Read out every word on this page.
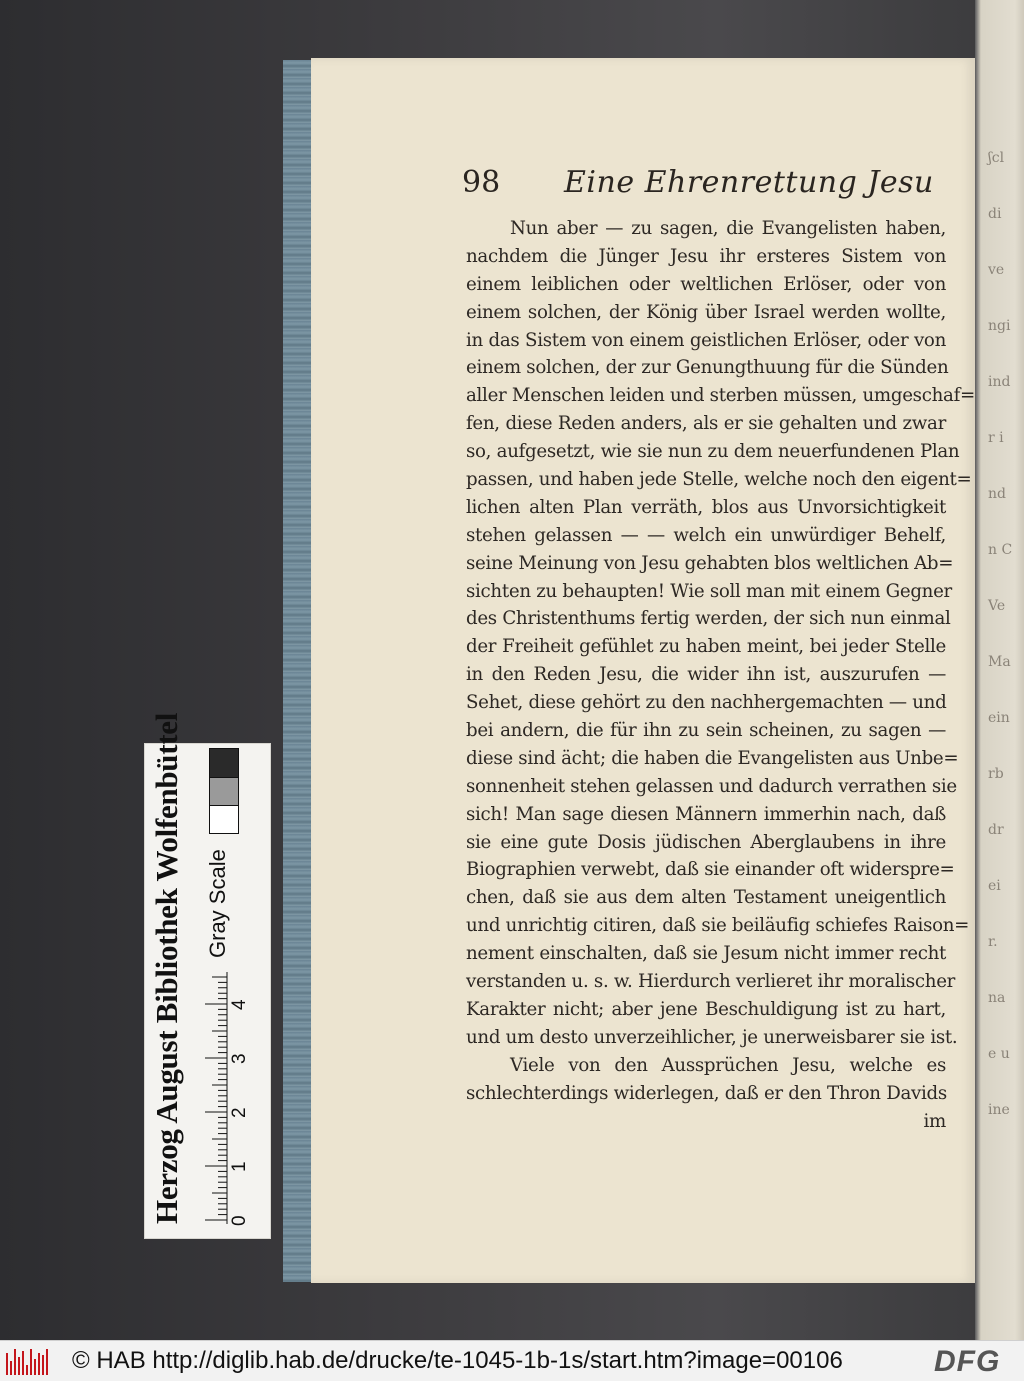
ʃcl
di
ve
ngi
ind
r i
nd
n C
Ve
Ma
ein
rb
dr
ei
r.
na
e u
ine
98 Eine Ehrenrettung Jesu
Nun aber — zu sagen, die Evangelisten haben,
nachdem die Jünger Jesu ihr ersteres Sistem von
einem leiblichen oder weltlichen Erlöser, oder von
einem solchen, der König über Israel werden wollte,
in das Sistem von einem geistlichen Erlöser, oder von
einem solchen, der zur Genungthuung für die Sünden
aller Menschen leiden und sterben müssen, umgeschaf=
fen, diese Reden anders, als er sie gehalten und zwar
so, aufgesetzt, wie sie nun zu dem neuerfundenen Plan
passen, und haben jede Stelle, welche noch den eigent=
lichen alten Plan verräth, blos aus Unvorsichtigkeit
stehen gelassen — — welch ein unwürdiger Behelf,
seine Meinung von Jesu gehabten blos weltlichen Ab=
sichten zu behaupten! Wie soll man mit einem Gegner
des Christenthums fertig werden, der sich nun einmal
der Freiheit gefühlet zu haben meint, bei jeder Stelle
in den Reden Jesu, die wider ihn ist, auszurufen —
Sehet, diese gehört zu den nachhergemachten — und
bei andern, die für ihn zu sein scheinen, zu sagen —
diese sind ächt; die haben die Evangelisten aus Unbe=
sonnenheit stehen gelassen und dadurch verrathen sie
sich! Man sage diesen Männern immerhin nach, daß
sie eine gute Dosis jüdischen Aberglaubens in ihre
Biographien verwebt, daß sie einander oft widerspre=
chen, daß sie aus dem alten Testament uneigentlich
und unrichtig citiren, daß sie beiläufig schiefes Raison=
nement einschalten, daß sie Jesum nicht immer recht
verstanden u. s. w. Hierdurch verlieret ihr moralischer
Karakter nicht; aber jene Beschuldigung ist zu hart,
und um desto unverzeihlicher, je unerweisbarer sie ist.
Viele von den Aussprüchen Jesu, welche es
schlechterdings widerlegen, daß er den Thron Davids
im
Herzog August Bibliothek Wolfenbüttel 0
1
2
3
4
Gray Scale
© HAB http://diglib.hab.de/drucke/te-1045-1b-1s/start.htm?image=00106	DFG
